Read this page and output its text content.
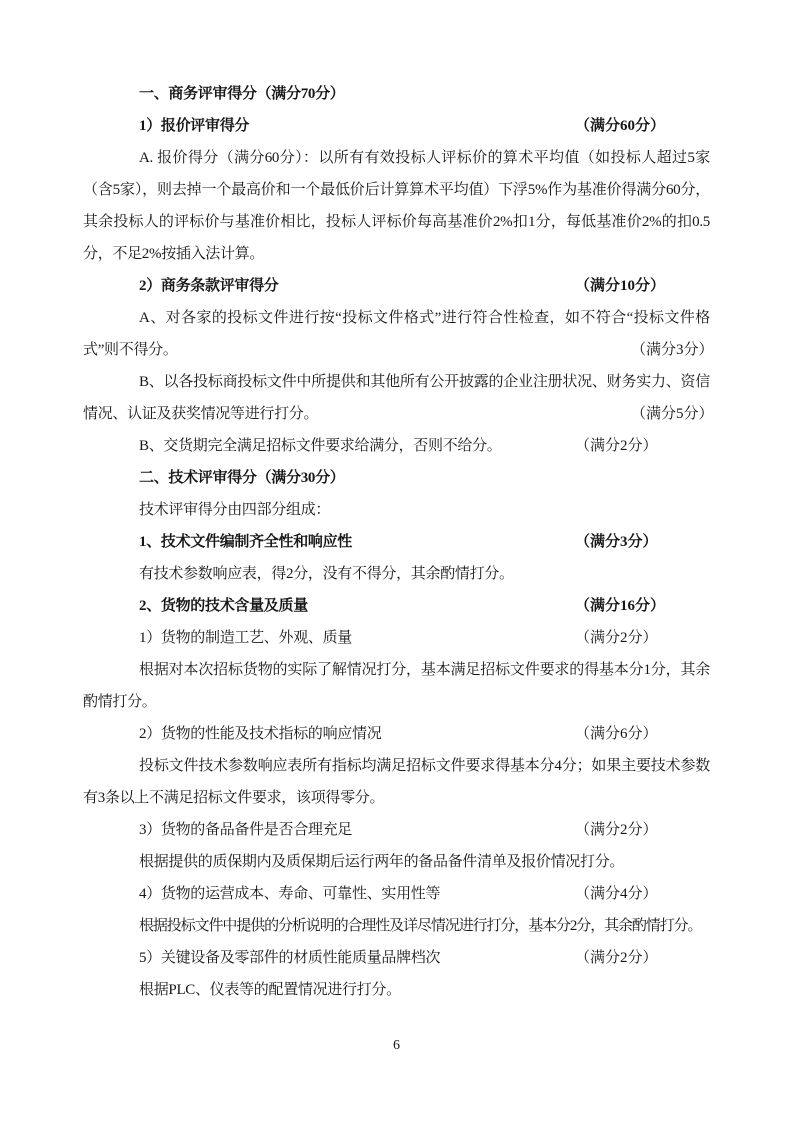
一、商务评审得分（满分70分）
1）报价评审得分	（满分60分）
A. 报价得分（满分60分）：以所有有效投标人评标价的算术平均值（如投标人超过5家（含5家），则去掉一个最高价和一个最低价后计算算术平均值）下浮5%作为基准价得满分60分，其余投标人的评标价与基准价相比，投标人评标价每高基准价2%扣1分，每低基准价2%的扣0.5分，不足2%按插入法计算。
2）商务条款评审得分	（满分10分）
A、对各家的投标文件进行按“投标文件格式”进行符合性检查，如不符合“投标文件格式”则不得分。	（满分3分）
B、以各投标商投标文件中所提供和其他所有公开披露的企业注册状况、财务实力、资信情况、认证及获奖情况等进行打分。	（满分5分）
B、交货期完全满足招标文件要求给满分，否则不给分。	（满分2分）
二、技术评审得分（满分30分）
技术评审得分由四部分组成：
1、技术文件编制齐全性和响应性	（满分3分）
有技术参数响应表，得2分，没有不得分，其余酌情打分。
2、货物的技术含量及质量	（满分16分）
1）货物的制造工艺、外观、质量	（满分2分）
根据对本次招标货物的实际了解情况打分，基本满足招标文件要求的得基本分1分，其余酌情打分。
2）货物的性能及技术指标的响应情况	（满分6分）
投标文件技术参数响应表所有指标均满足招标文件要求得基本分4分；如果主要技术参数有3条以上不满足招标文件要求，该项得零分。
3）货物的备品备件是否合理充足	（满分2分）
根据提供的质保期内及质保期后运行两年的备品备件清单及报价情况打分。
4）货物的运营成本、寿命、可靠性、实用性等	（满分4分）
根据投标文件中提供的分析说明的合理性及详尽情况进行打分，基本分2分，其余酌情打分。
5）关键设备及零部件的材质性能质量品牌档次	（满分2分）
根据PLC、仪表等的配置情况进行打分。
6
